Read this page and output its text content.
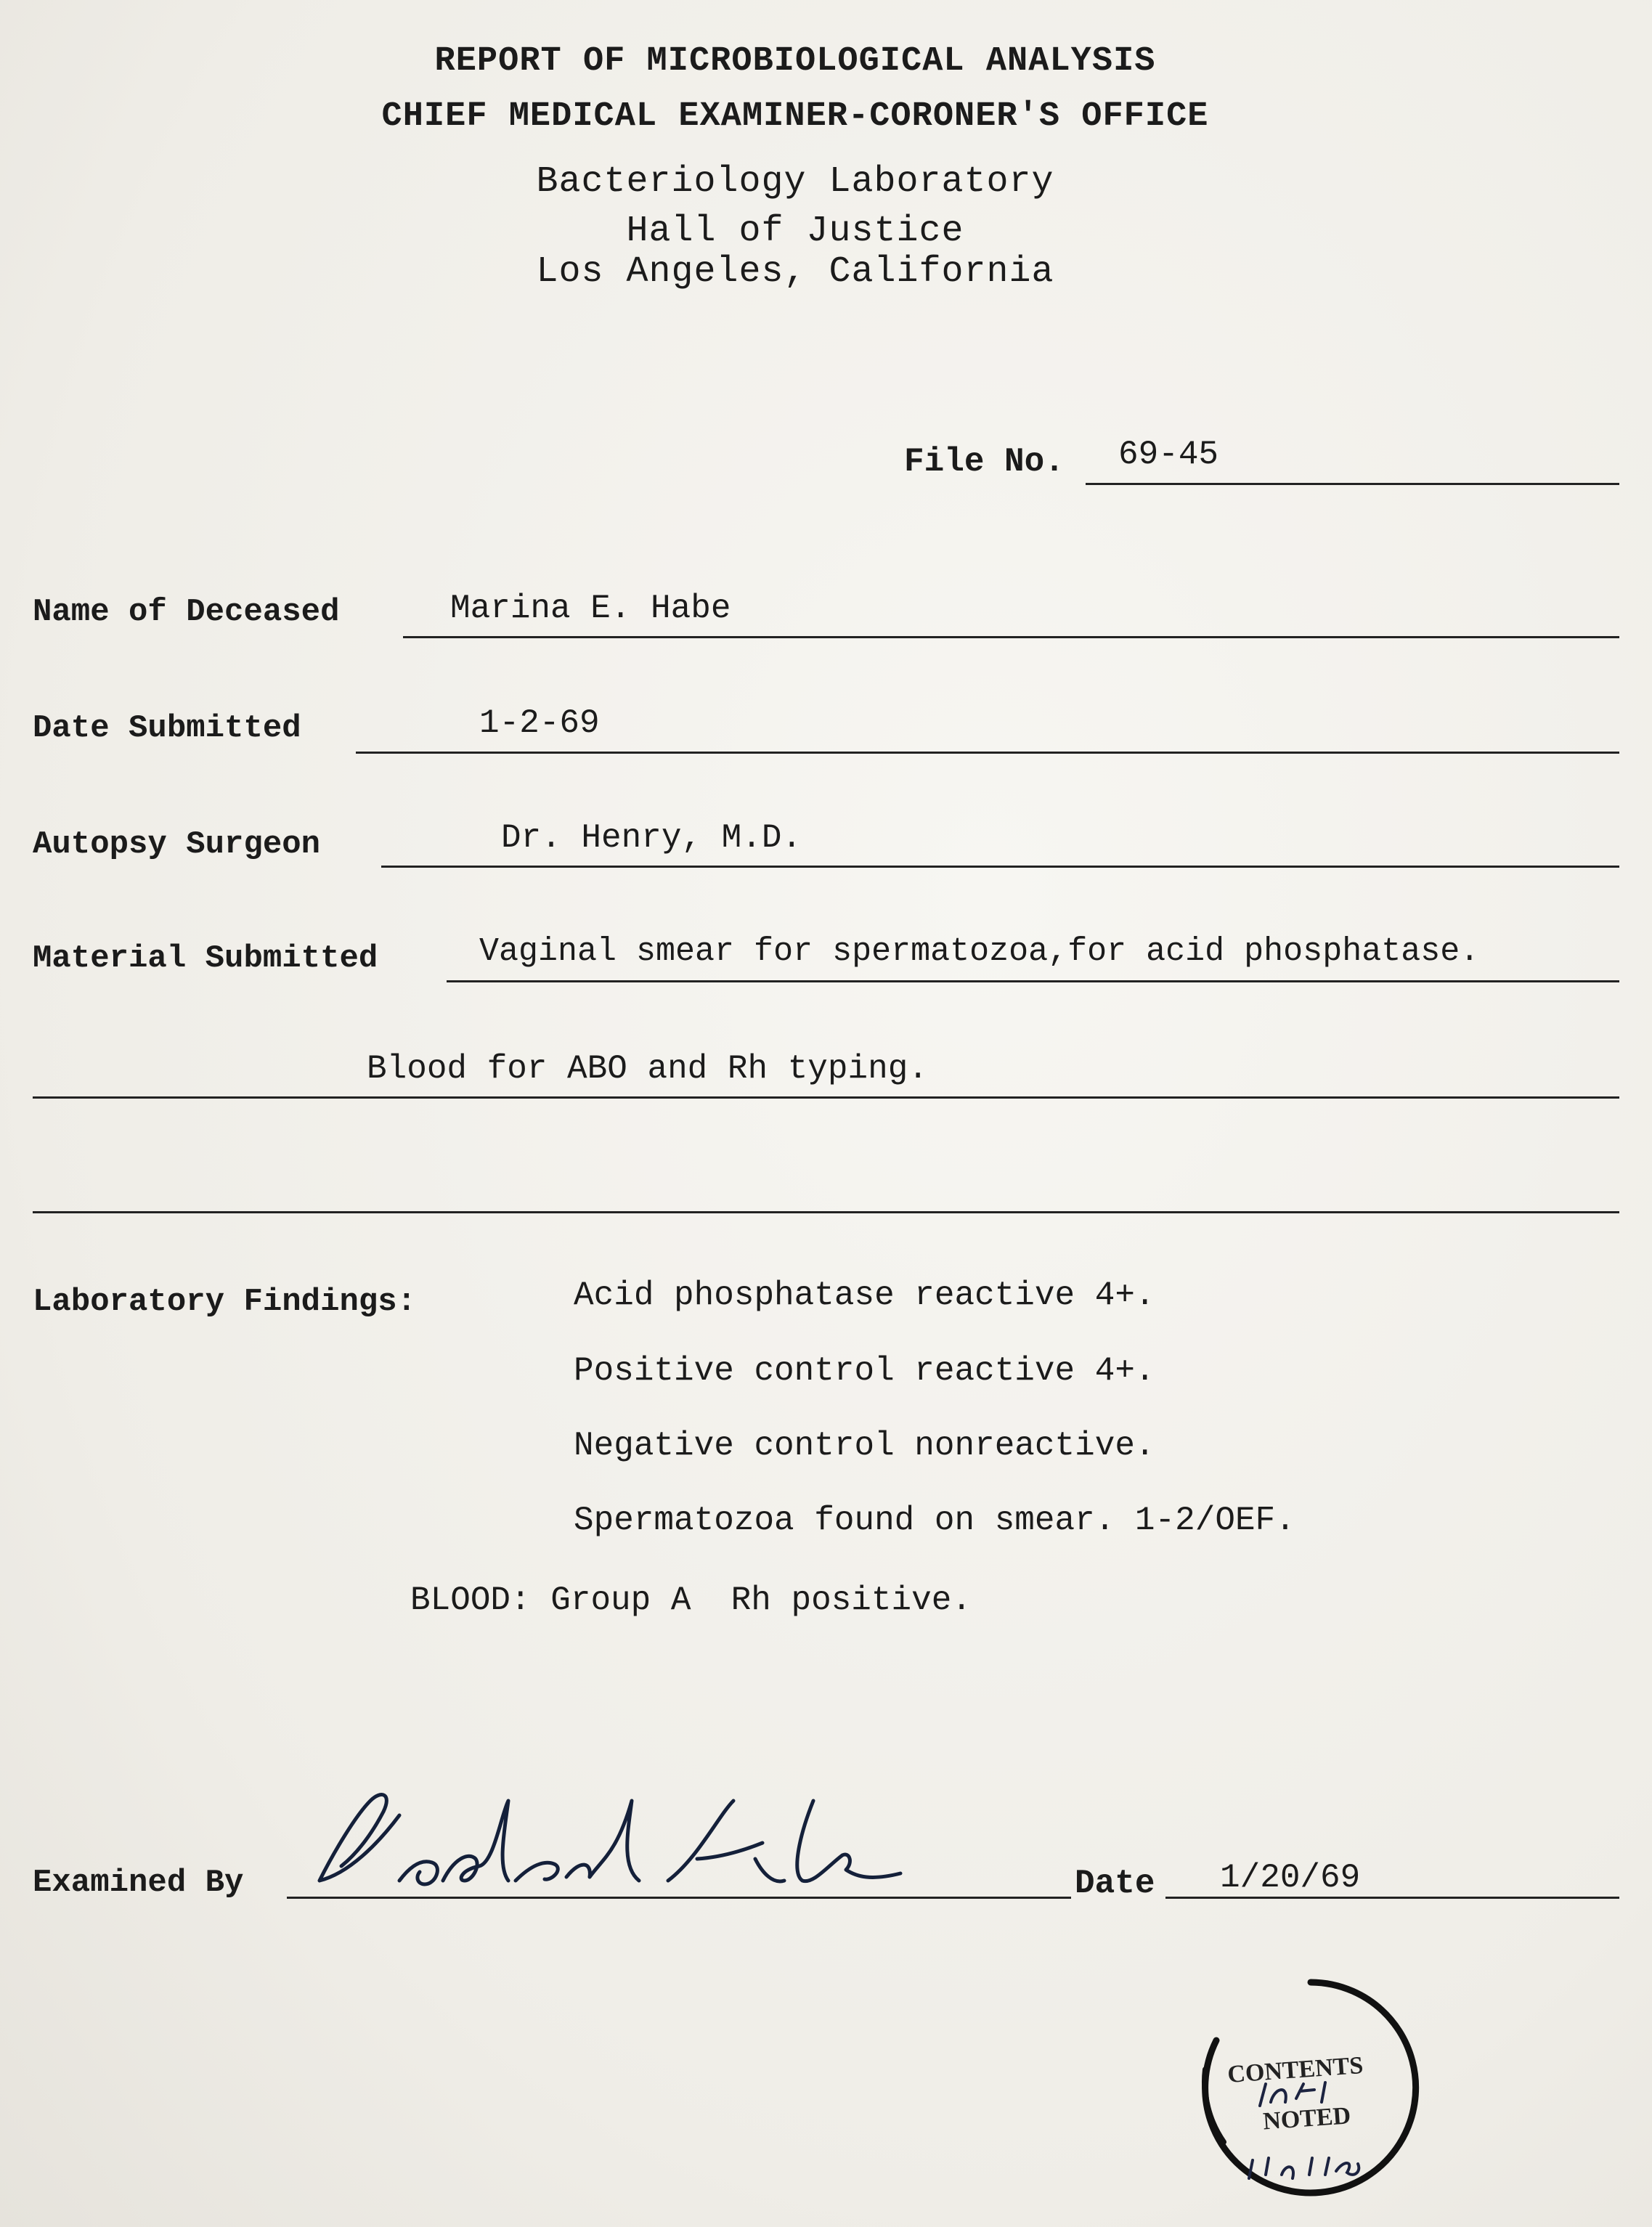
REPORT OF MICROBIOLOGICAL ANALYSIS
CHIEF MEDICAL EXAMINER-CORONER'S OFFICE
Bacteriology Laboratory
Hall of Justice
Los Angeles, California
File No. 69-45
Name of Deceased	Marina E. Habe
Date Submitted	1-2-69
Autopsy Surgeon	Dr. Henry, M.D.
Material Submitted	Vaginal smear for spermatozoa,for acid phosphatase.
Blood for ABO and Rh typing.
Laboratory Findings:	Acid phosphatase reactive 4+.
Positive control reactive 4+.
Negative control nonreactive.
Spermatozoa found on smear. 1-2/OEF.
BLOOD: Group A  Rh positive.
Examined By	Date 1/20/69
CONTENTS
NOTED
